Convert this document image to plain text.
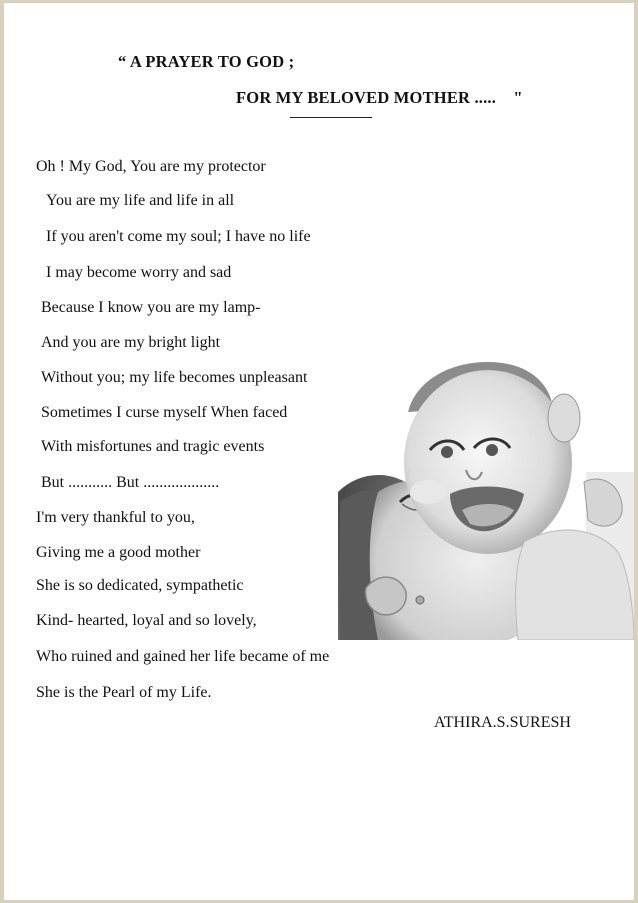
“ A PRAYER TO GOD ;
FOR MY BELOVED MOTHER .....    "
Oh ! My God, You are my protector
You are my life and life in all
If you aren't come my soul; I have no life
I may become worry and sad
Because I know you are my lamp-
And you are my bright light
Without you; my life becomes unpleasant
Sometimes I curse myself When faced
With misfortunes and tragic events
But ........... But ...................
I'm very thankful to you,
Giving me a good mother
She is so dedicated, sympathetic
Kind- hearted, loyal and so lovely,
Who ruined and gained her life became of me
She is the Pearl of my Life.
ATHIRA.S.SURESH
